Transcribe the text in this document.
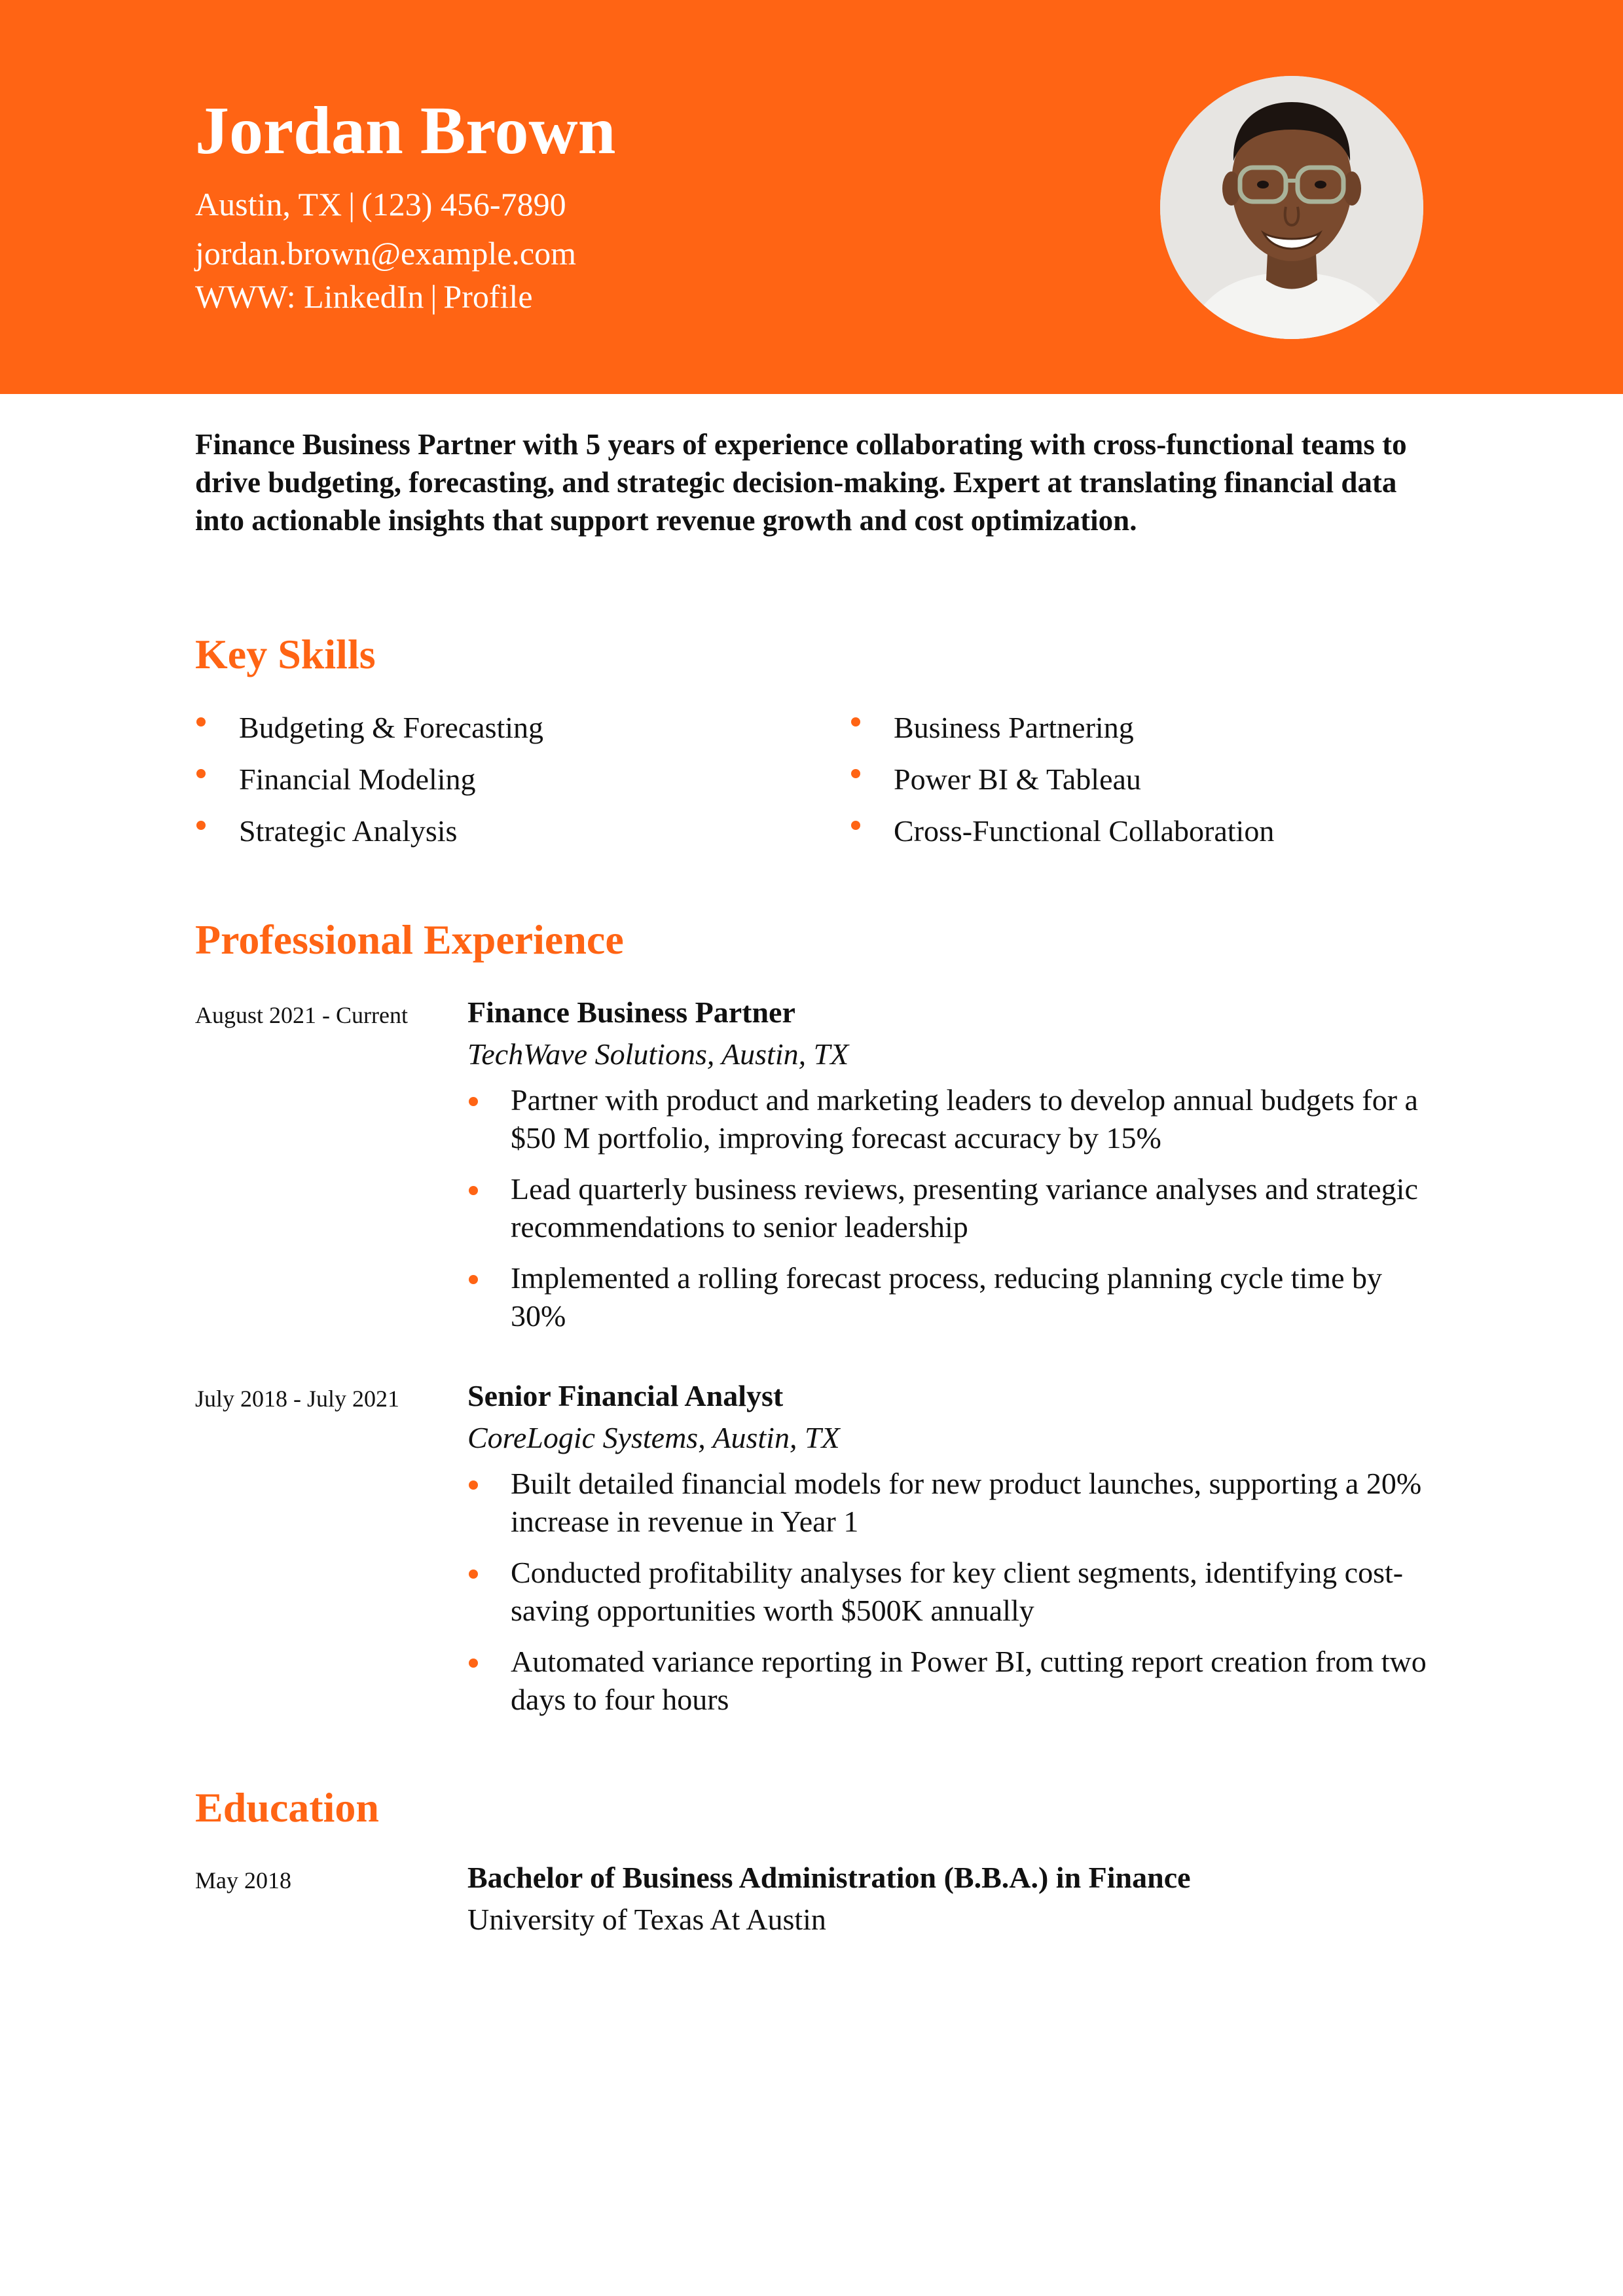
Jordan Brown
Austin, TX | (123) 456-7890
jordan.brown@example.com
WWW: LinkedIn | Profile
Finance Business Partner with 5 years of experience collaborating with cross-functional teams to drive budgeting, forecasting, and strategic decision-making. Expert at translating financial data into actionable insights that support revenue growth and cost optimization.
Key Skills
Budgeting & Forecasting
Financial Modeling
Strategic Analysis
Business Partnering
Power BI & Tableau
Cross-Functional Collaboration
Professional Experience
August 2021 - Current	Finance Business Partner
TechWave Solutions, Austin, TX
Partner with product and marketing leaders to develop annual budgets for a $50 M portfolio, improving forecast accuracy by 15%
Lead quarterly business reviews, presenting variance analyses and strategic recommendations to senior leadership
Implemented a rolling forecast process, reducing planning cycle time by 30%
July 2018 - July 2021	Senior Financial Analyst
CoreLogic Systems, Austin, TX
Built detailed financial models for new product launches, supporting a 20% increase in revenue in Year 1
Conducted profitability analyses for key client segments, identifying cost-saving opportunities worth $500K annually
Automated variance reporting in Power BI, cutting report creation from two days to four hours
Education
May 2018	Bachelor of Business Administration (B.B.A.) in Finance
University of Texas At Austin
